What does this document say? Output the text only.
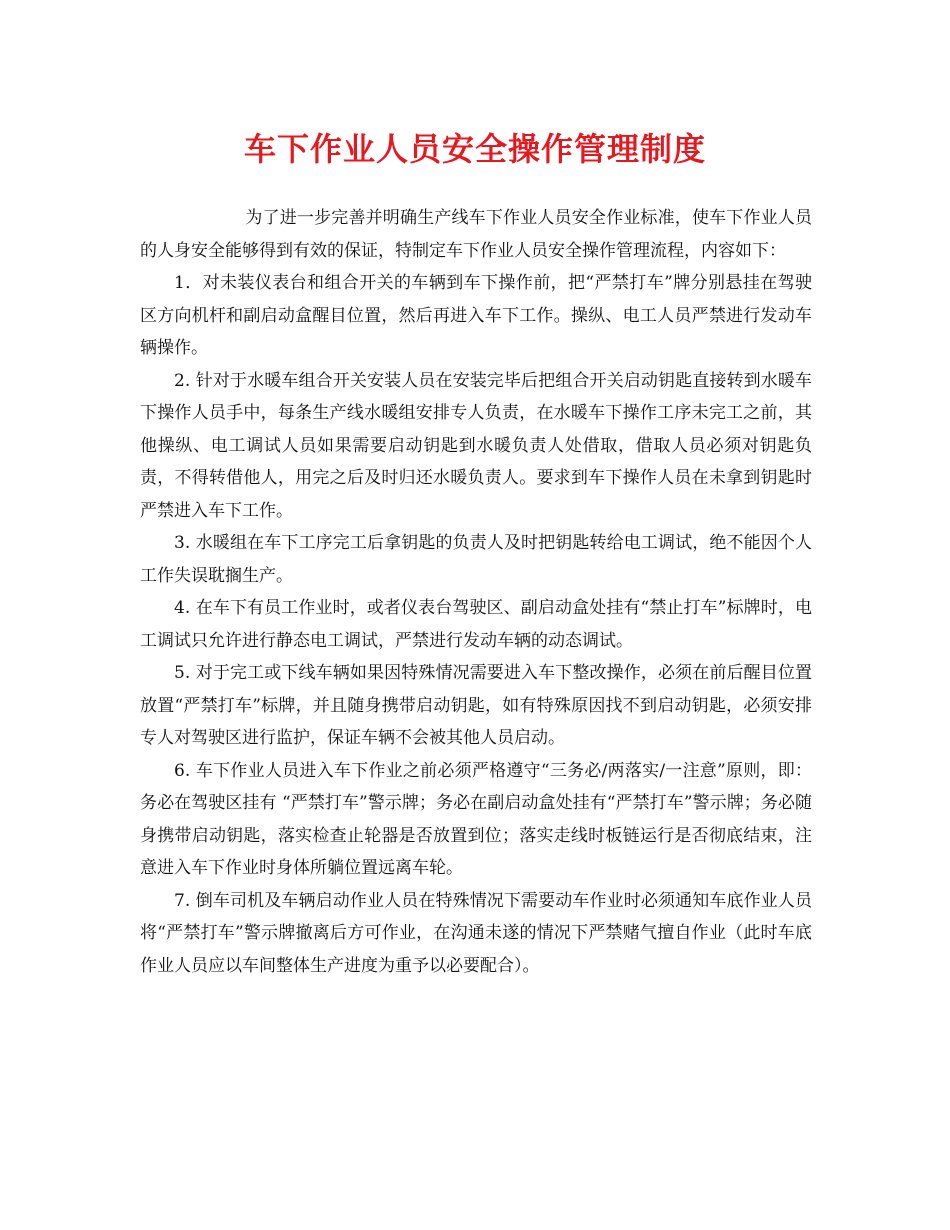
车下作业人员安全操作管理制度

为了进一步完善并明确生产线车下作业人员安全作业标准，使车下作业人员的人身安全能够得到有效的保证，特制定车下作业人员安全操作管理流程，内容如下：

1．对未装仪表台和组合开关的车辆到车下操作前，把“严禁打车”牌分别悬挂在驾驶区方向机杆和副启动盒醒目位置，然后再进入车下工作。操纵、电工人员严禁进行发动车辆操作。

2. 针对于水暖车组合开关安装人员在安装完毕后把组合开关启动钥匙直接转到水暖车下操作人员手中，每条生产线水暖组安排专人负责，在水暖车下操作工序未完工之前，其他操纵、电工调试人员如果需要启动钥匙到水暖负责人处借取，借取人员必须对钥匙负责，不得转借他人，用完之后及时归还水暖负责人。要求到车下操作人员在未拿到钥匙时严禁进入车下工作。

3. 水暖组在车下工序完工后拿钥匙的负责人及时把钥匙转给电工调试，绝不能因个人工作失误耽搁生产。

4. 在车下有员工作业时，或者仪表台驾驶区、副启动盒处挂有“禁止打车”标牌时，电工调试只允许进行静态电工调试，严禁进行发动车辆的动态调试。

5. 对于完工或下线车辆如果因特殊情况需要进入车下整改操作，必须在前后醒目位置放置“严禁打车”标牌，并且随身携带启动钥匙，如有特殊原因找不到启动钥匙，必须安排专人对驾驶区进行监护，保证车辆不会被其他人员启动。

6. 车下作业人员进入车下作业之前必须严格遵守“三务必/两落实/一注意”原则，即：务必在驾驶区挂有 “严禁打车”警示牌；务必在副启动盒处挂有“严禁打车”警示牌；务必随身携带启动钥匙，落实检查止轮器是否放置到位；落实走线时板链运行是否彻底结束，注意进入车下作业时身体所躺位置远离车轮。

7. 倒车司机及车辆启动作业人员在特殊情况下需要动车作业时必须通知车底作业人员将“严禁打车”警示牌撤离后方可作业，在沟通未遂的情况下严禁赌气擅自作业（此时车底作业人员应以车间整体生产进度为重予以必要配合）。
